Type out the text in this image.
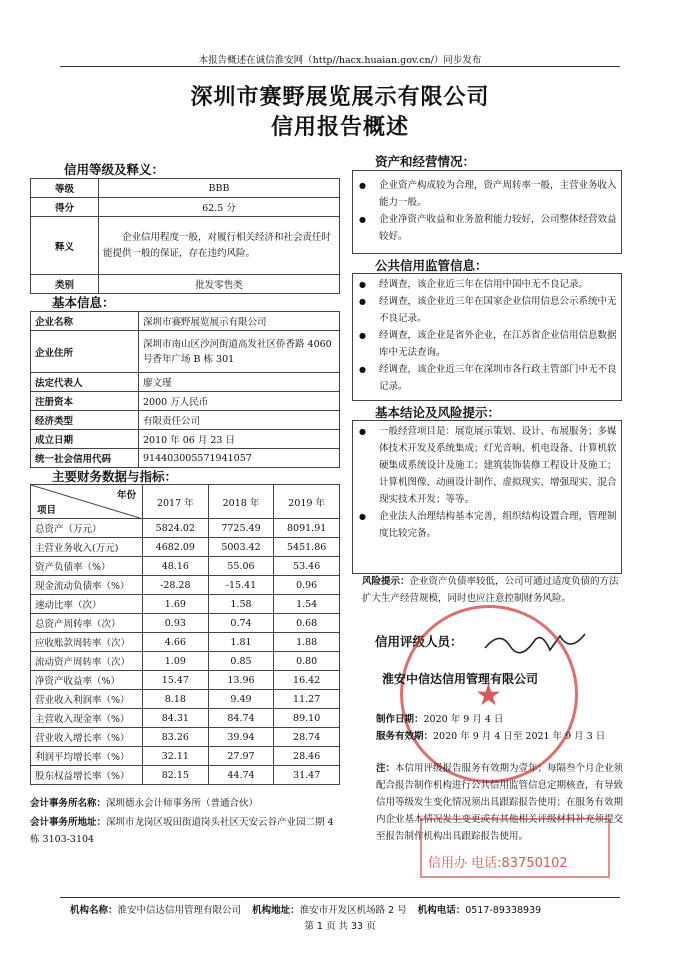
本报告概述在诚信淮安网（http//hacx.huaian.gov.cn/）同步发布
深圳市赛野展览展示有限公司
信用报告概述
信用等级及释义：
等级	BBB
得分	62.5 分
释义	企业信用程度一般，对履行相关经济和社会责任时能提供一般的保证，存在违约风险。
类别	批发零售类
基本信息：
企业名称	深圳市赛野展览展示有限公司
企业住所	深圳市南山区沙河街道高发社区侨香路 4060 号香年广场 B 栋 301
法定代表人	廖文瑾
注册资本	2000 万人民币
经济类型	有限责任公司
成立日期	2010 年 06 月 23 日
统一社会信用代码	914403005571941057
主要财务数据与指标：
年份
项目	2017 年	2018 年	2019 年
总资产（万元）	5824.02	7725.49	8091.91
主营业务收入(万元)	4682.09	5003.42	5451.86
资产负债率（%）	48.16	55.06	53.46
现金流动负债率（%）	-28.28	-15.41	0.96
速动比率（次）	1.69	1.58	1.54
总资产周转率（次）	0.93	0.74	0.68
应收账款周转率（次）	4.66	1.81	1.88
流动资产周转率（次）	1.09	0.85	0.80
净资产收益率（%）	15.47	13.96	16.42
营业收入利润率（%）	8.18	9.49	11.27
主营收入现金率（%）	84.31	84.74	89.10
营业收入增长率（%）	83.26	39.94	28.74
利润平均增长率（%）	32.11	27.97	28.46
股东权益增长率（%）	82.15	44.74	31.47
会计事务所名称：深圳德永会计师事务所（普通合伙）
会计事务所地址：深圳市龙岗区坂田街道岗头社区天安云谷产业园二期 4 栋 3103-3104
资产和经营情况：
● 企业资产构成较为合理，资产周转率一般，主营业务收入能力一般。
● 企业净资产收益和业务盈利能力较好，公司整体经营效益较好。
公共信用监管信息：
● 经调查，该企业近三年在信用中国中无不良记录。
● 经调查，该企业近三年在国家企业信用信息公示系统中无不良记录。
● 经调查，该企业是省外企业，在江苏省企业信用信息数据库中无法查询。
● 经调查，该企业近三年在深圳市各行政主管部门中无不良记录。
基本结论及风险提示：
● 一般经营项目是：展览展示策划、设计、布展服务；多媒体技术开发及系统集成；灯光音响、机电设备、计算机软硬集成系统设计及施工；建筑装饰装修工程设计及施工；计算机图像、动画设计制作、虚拟现实、增强现实、混合现实技术开发；等等。
● 企业法人治理结构基本完善，组织结构设置合理，管理制度比较完备。
风险提示：企业资产负债率较低，公司可通过适度负债的方法扩大生产经营规模，同时也应注意控制财务风险。
信用评级人员：
★
淮安中信达信用管理有限公司
制作日期：2020 年 9 月 4 日
服务有效期：2020 年 9 月 4 日至 2021 年 9 月 3 日
注：本信用评级报告服务有效期为壹年；每隔叁个月企业须配合报告制作机构进行公共信用监管信息定期核查，有导致信用等级发生变化情况须出具跟踪报告使用；在服务有效期内企业基本情况发生变更或有其他相关评级材料补充须提交至报告制作机构出具跟踪报告使用。
信用办 电话:83750102
机构名称：淮安中信达信用管理有限公司 机构地址：淮安市开发区机场路 2 号 机构电话：0517-89338939
第 1 页 共 33 页
